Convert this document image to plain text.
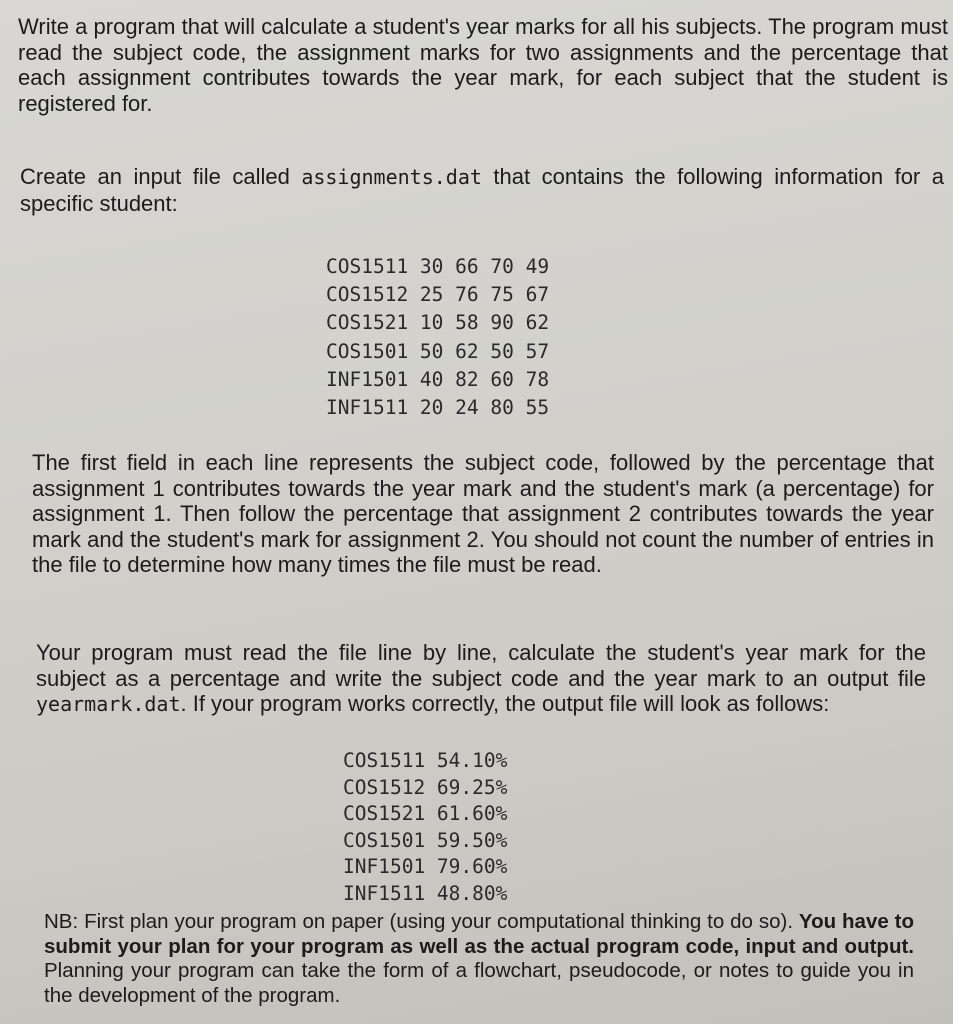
Write a program that will calculate a student's year marks for all his subjects. The program must read the subject code, the assignment marks for two assignments and the percentage that each assignment contributes towards the year mark, for each subject that the student is registered for.

Create an input file called assignments.dat that contains the following information for a specific student:

COS1511 30 66 70 49
COS1512 25 76 75 67
COS1521 10 58 90 62
COS1501 50 62 50 57
INF1501 40 82 60 78
INF1511 20 24 80 55

The first field in each line represents the subject code, followed by the percentage that assignment 1 contributes towards the year mark and the student's mark (a percentage) for assignment 1. Then follow the percentage that assignment 2 contributes towards the year mark and the student's mark for assignment 2. You should not count the number of entries in the file to determine how many times the file must be read.

Your program must read the file line by line, calculate the student's year mark for the subject as a percentage and write the subject code and the year mark to an output file yearmark.dat. If your program works correctly, the output file will look as follows:

COS1511 54.10%
COS1512 69.25%
COS1521 61.60%
COS1501 59.50%
INF1501 79.60%
INF1511 48.80%

NB: First plan your program on paper (using your computational thinking to do so). You have to submit your plan for your program as well as the actual program code, input and output. Planning your program can take the form of a flowchart, pseudocode, or notes to guide you in the development of the program.
